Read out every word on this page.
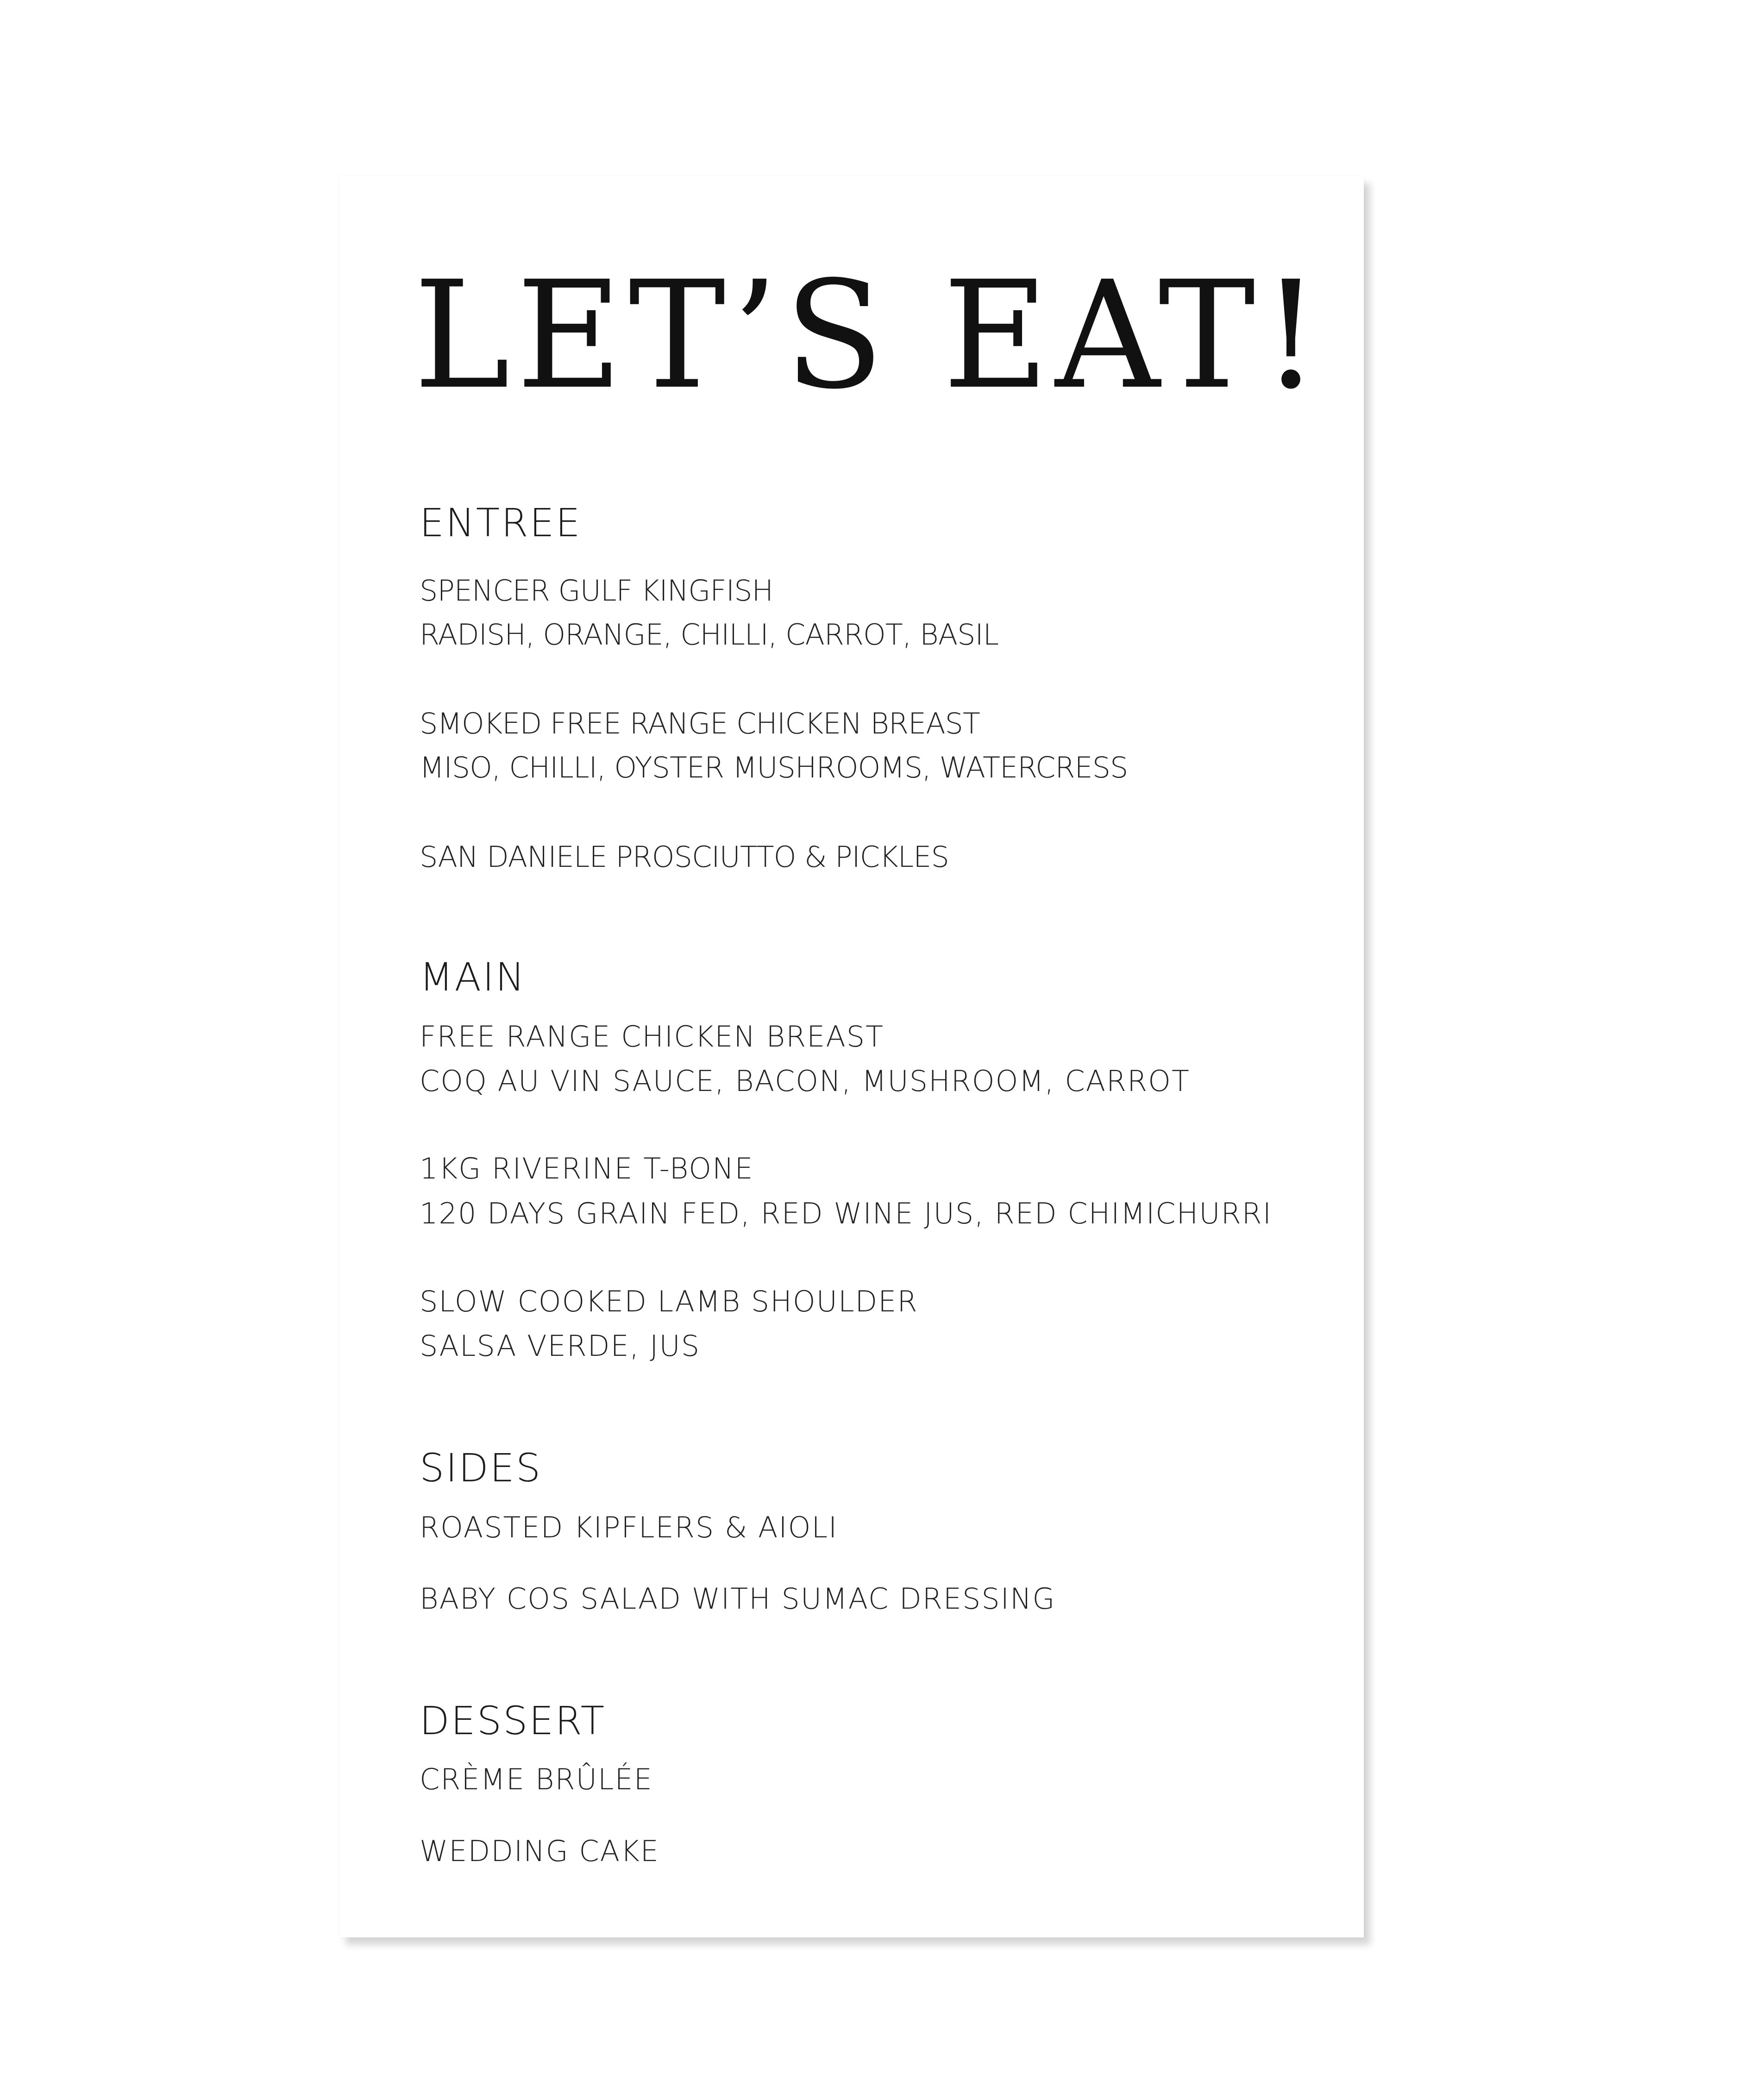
LET’S EAT!
ENTREE

SPENCER GULF KINGFISH

RADISH, ORANGE, CHILLI, CARROT, BASIL

SMOKED FREE RANGE CHICKEN BREAST

MISO, CHILLI, OYSTER MUSHROOMS, WATERCRESS

SAN DANIELE PROSCIUTTO & PICKLES

MAIN

FREE RANGE CHICKEN BREAST

COQ AU VIN SAUCE, BACON, MUSHROOM, CARROT

1KG RIVERINE T-BONE

120 DAYS GRAIN FED, RED WINE JUS, RED CHIMICHURRI

SLOW COOKED LAMB SHOULDER

SALSA VERDE, JUS

SIDES

ROASTED KIPFLERS & AIOLI

BABY COS SALAD WITH SUMAC DRESSING

DESSERT

CRÈME BRÛLÉE

WEDDING CAKE
